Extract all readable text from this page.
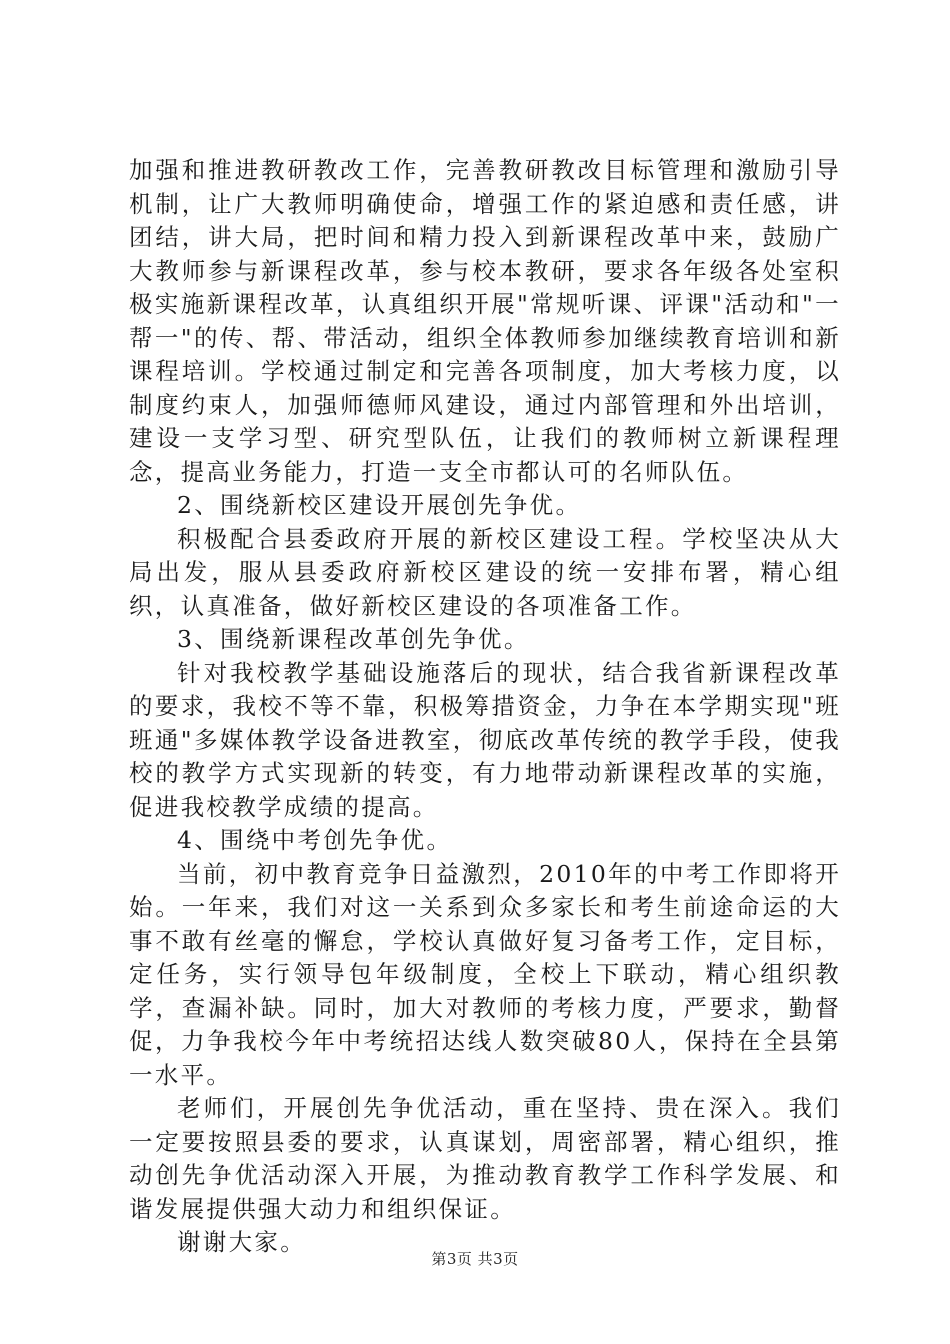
加强和推进教研教改工作，完善教研教改目标管理和激励引导机制，让广大教师明确使命，增强工作的紧迫感和责任感，讲团结，讲大局，把时间和精力投入到新课程改革中来，鼓励广大教师参与新课程改革，参与校本教研，要求各年级各处室积极实施新课程改革，认真组织开展"常规听课、评课"活动和"一帮一"的传、帮、带活动，组织全体教师参加继续教育培训和新课程培训。学校通过制定和完善各项制度，加大考核力度，以制度约束人，加强师德师风建设，通过内部管理和外出培训，建设一支学习型、研究型队伍，让我们的教师树立新课程理念，提高业务能力，打造一支全市都认可的名师队伍。

2、围绕新校区建设开展创先争优。

积极配合县委政府开展的新校区建设工程。学校坚决从大局出发，服从县委政府新校区建设的统一安排布署，精心组织，认真准备，做好新校区建设的各项准备工作。

3、围绕新课程改革创先争优。

针对我校教学基础设施落后的现状，结合我省新课程改革的要求，我校不等不靠，积极筹措资金，力争在本学期实现"班班通"多媒体教学设备进教室，彻底改革传统的教学手段，使我校的教学方式实现新的转变，有力地带动新课程改革的实施，促进我校教学成绩的提高。

4、围绕中考创先争优。

当前，初中教育竞争日益激烈，2010年的中考工作即将开始。一年来，我们对这一关系到众多家长和考生前途命运的大事不敢有丝毫的懈怠，学校认真做好复习备考工作，定目标，定任务，实行领导包年级制度，全校上下联动，精心组织教学，查漏补缺。同时，加大对教师的考核力度，严要求，勤督促，力争我校今年中考统招达线人数突破80人，保持在全县第一水平。

老师们，开展创先争优活动，重在坚持、贵在深入。我们一定要按照县委的要求，认真谋划，周密部署，精心组织，推动创先争优活动深入开展，为推动教育教学工作科学发展、和谐发展提供强大动力和组织保证。

谢谢大家。

第3页 共3页
